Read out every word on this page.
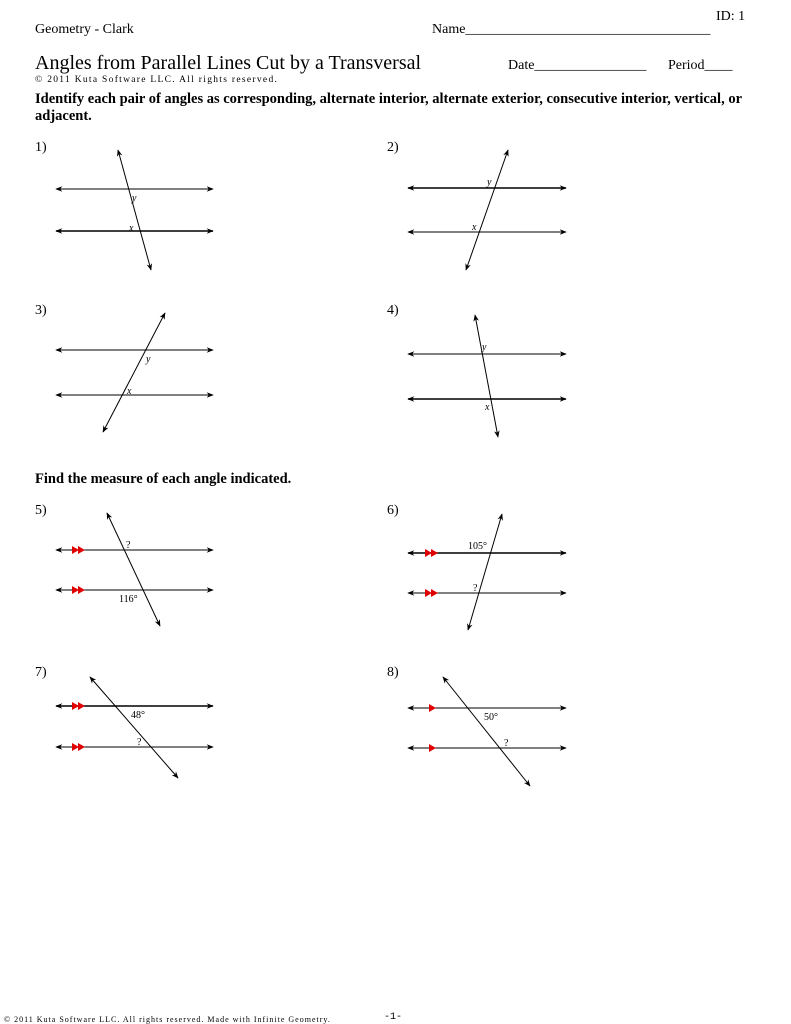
ID: 1
Geometry - Clark	Name___________________________________
Angles from Parallel Lines Cut by a Transversal	Date________________ Period____
© 2011 Kuta Software LLC. All rights reserved.
Identify each pair of angles as corresponding, alternate interior, alternate exterior, consecutive interior, vertical, or adjacent.
Find the measure of each angle indicated.
1)	2)
3)	4)
5)	6)
7)	8)
y
x
y
x
y
x
y
x
?
116°
105°
?
48°
?
50°
?
© 2011 Kuta Software LLC. All rights reserved. Made with Infinite Geometry.	-1-
